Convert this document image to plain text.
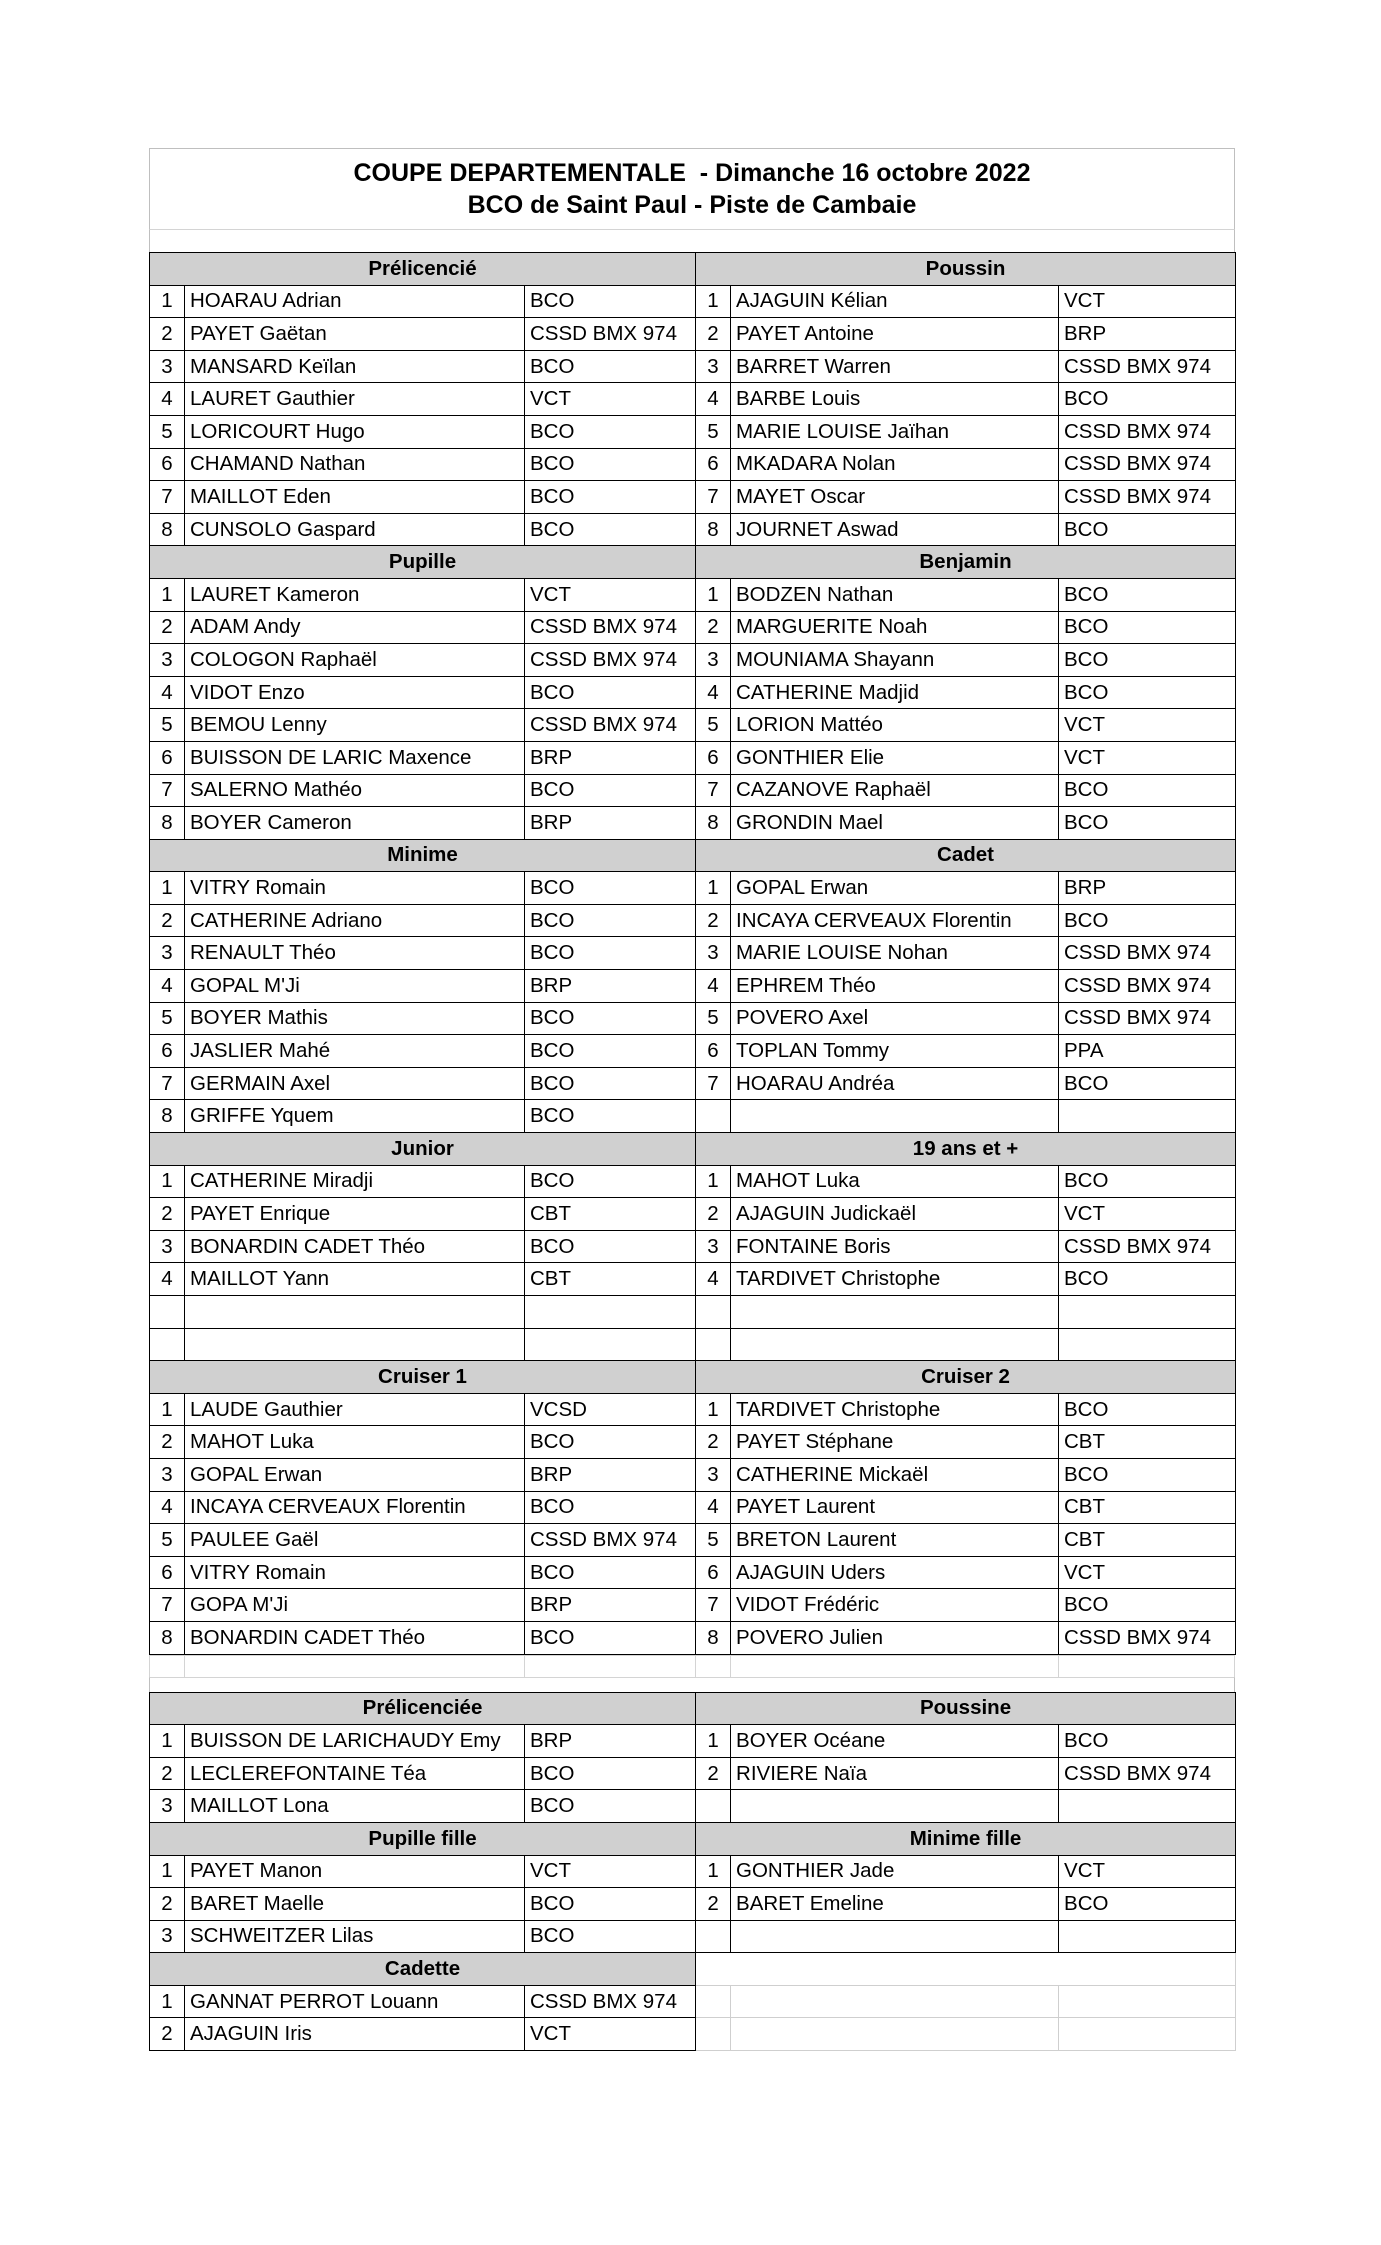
COUPE DEPARTEMENTALE  - Dimanche 16 octobre 2022
BCO de Saint Paul - Piste de Cambaie
Prélicencié			Poussin		
1	HOARAU Adrian	BCO	1	AJAGUIN Kélian	VCT
2	PAYET Gaëtan	CSSD BMX 974	2	PAYET Antoine	BRP
3	MANSARD Keïlan	BCO	3	BARRET Warren	CSSD BMX 974
4	LAURET Gauthier	VCT	4	BARBE Louis	BCO
5	LORICOURT Hugo	BCO	5	MARIE LOUISE Jaïhan	CSSD BMX 974
6	CHAMAND Nathan	BCO	6	MKADARA Nolan	CSSD BMX 974
7	MAILLOT Eden	BCO	7	MAYET Oscar	CSSD BMX 974
8	CUNSOLO Gaspard	BCO	8	JOURNET Aswad	BCO
Pupille			Benjamin		
1	LAURET Kameron	VCT	1	BODZEN Nathan	BCO
2	ADAM Andy	CSSD BMX 974	2	MARGUERITE Noah	BCO
3	COLOGON Raphaël	CSSD BMX 974	3	MOUNIAMA Shayann	BCO
4	VIDOT Enzo	BCO	4	CATHERINE Madjid	BCO
5	BEMOU Lenny	CSSD BMX 974	5	LORION Mattéo	VCT
6	BUISSON DE LARIC Maxence	BRP	6	GONTHIER Elie	VCT
7	SALERNO Mathéo	BCO	7	CAZANOVE Raphaël	BCO
8	BOYER Cameron	BRP	8	GRONDIN Mael	BCO
Minime			Cadet		
1	VITRY Romain	BCO	1	GOPAL Erwan	BRP
2	CATHERINE Adriano	BCO	2	INCAYA CERVEAUX Florentin	BCO
3	RENAULT Théo	BCO	3	MARIE LOUISE Nohan	CSSD BMX 974
4	GOPAL M'Ji	BRP	4	EPHREM Théo	CSSD BMX 974
5	BOYER Mathis	BCO	5	POVERO Axel	CSSD BMX 974
6	JASLIER Mahé	BCO	6	TOPLAN Tommy	PPA
7	GERMAIN Axel	BCO	7	HOARAU Andréa	BCO
8	GRIFFE Yquem	BCO			
Junior			19 ans et +		
1	CATHERINE Miradji	BCO	1	MAHOT Luka	BCO
2	PAYET Enrique	CBT	2	AJAGUIN Judickaël	VCT
3	BONARDIN CADET Théo	BCO	3	FONTAINE Boris	CSSD BMX 974
4	MAILLOT Yann	CBT	4	TARDIVET Christophe	BCO

Cruiser 1			Cruiser 2		
1	LAUDE Gauthier	VCSD	1	TARDIVET Christophe	BCO
2	MAHOT Luka	BCO	2	PAYET Stéphane	CBT
3	GOPAL Erwan	BRP	3	CATHERINE Mickaël	BCO
4	INCAYA CERVEAUX Florentin	BCO	4	PAYET Laurent	CBT
5	PAULEE Gaël	CSSD BMX 974	5	BRETON Laurent	CBT
6	VITRY Romain	BCO	6	AJAGUIN Uders	VCT
7	GOPA M'Ji	BRP	7	VIDOT Frédéric	BCO
8	BONARDIN CADET Théo	BCO	8	POVERO Julien	CSSD BMX 974
Prélicenciée			Poussine		
1	BUISSON DE LARICHAUDY Emy	BRP	1	BOYER Océane	BCO
2	LECLEREFONTAINE Téa	BCO	2	RIVIERE Naïa	CSSD BMX 974
3	MAILLOT Lona	BCO			
Pupille fille			Minime fille		
1	PAYET Manon	VCT	1	GONTHIER Jade	VCT
2	BARET Maelle	BCO	2	BARET Emeline	BCO
3	SCHWEITZER Lilas	BCO			
Cadette					
1	GANNAT PERROT Louann	CSSD BMX 974			
2	AJAGUIN Iris	VCT			
